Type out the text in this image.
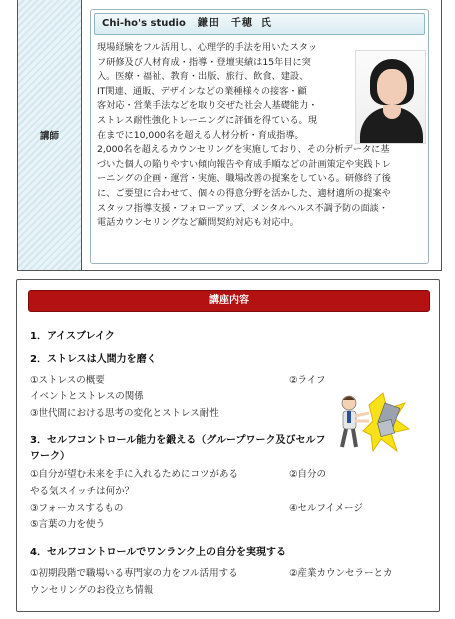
講師
Chi-ho's studio 鎌田　千穂 氏
現場経験をフル活用し、心理学的手法を用いたスタッ
フ研修及び人材育成・指導・登壇実績は15年目に突
入。医療・福祉、教育・出版、旅行、飲食、建設、
IT関連、通販、デザインなどの業種様々の接客・顧
客対応・営業手法などを取り交ぜた社会人基礎能力・
ストレス耐性強化トレーニングに評価を得ている。現
在までに10,000名を超える人材分析・育成指導。
2,000名を超えるカウンセリングを実施しており、その分析データに基
づいた個人の陥りやすい傾向報告や育成手順などの計画策定や実践トレ
ーニングの企画・運営・実施、職場改善の提案をしている。研修終了後
に、ご要望に合わせて、個々の得意分野を活かした、適材適所の提案や
スタッフ指導支援・フォローアップ、メンタルヘルス不調予防の面談・
電話カウンセリングなど顧問契約対応も対応中。
講座内容
1．アイスブレイク
2．ストレスは人間力を磨く
①ストレスの概要	②ライフ
イベントとストレスの関係
③世代間における思考の変化とストレス耐性
3．セルフコントロール能力を鍛える（グループワーク及びセルフ
ワーク）
①自分が望む未来を手に入れるためにコツがある	②自分の
やる気スイッチは何か？
③フォーカスするもの	④セルフイメージ
⑤言葉の力を使う
4．セルフコントロールでワンランク上の自分を実現する
①初期段階で職場いる専門家の力をフル活用する	②産業カウンセラーとカ
ウンセリングのお役立ち情報
